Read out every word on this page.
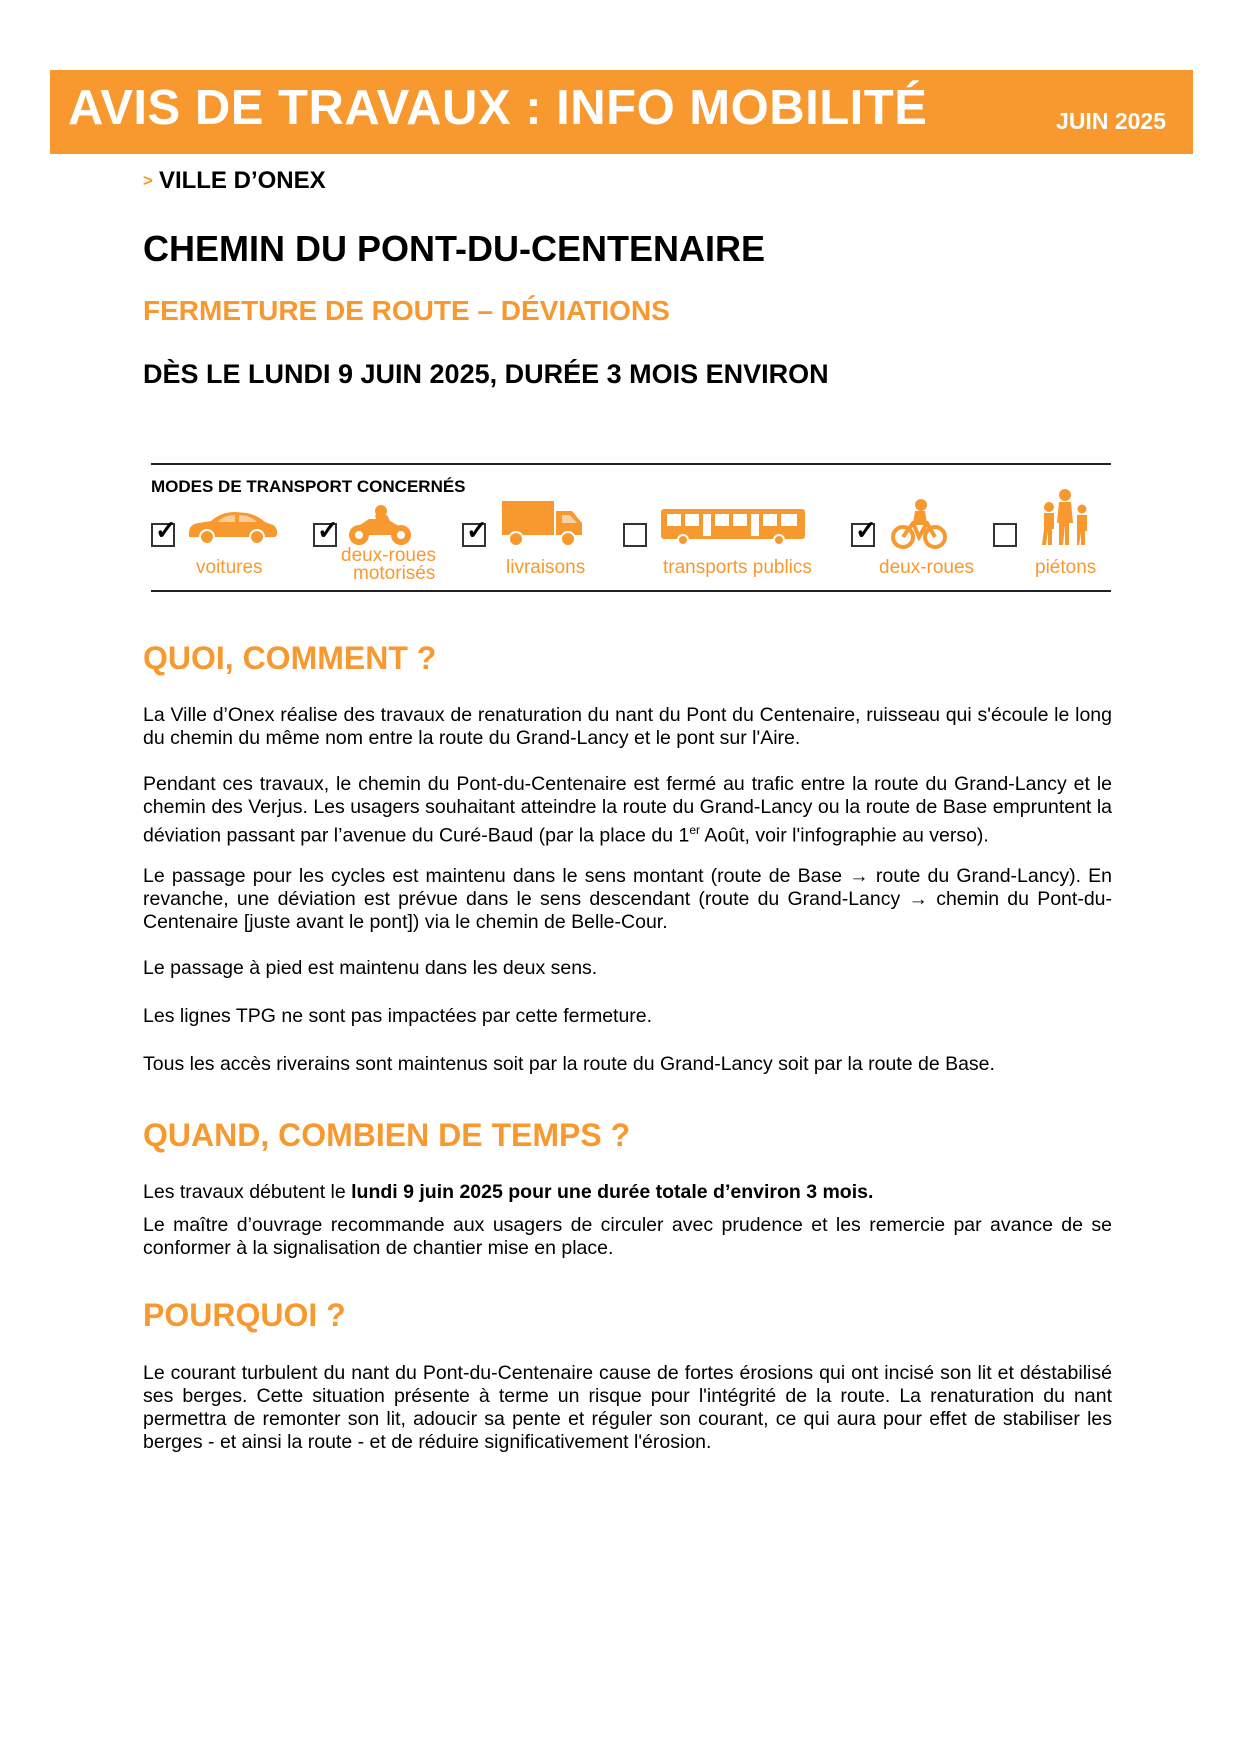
AVIS DE TRAVAUX : INFO MOBILITÉ	JUIN 2025
> VILLE D’ONEX
CHEMIN DU PONT-DU-CENTENAIRE
FERMETURE DE ROUTE – DÉVIATIONS
DÈS LE LUNDI 9 JUIN 2025, DURÉE 3 MOIS ENVIRON
MODES DE TRANSPORT CONCERNÉS
✓
voitures
✓
deux-roues
motorisés
✓
livraisons	transports publics
✓
deux-roues	piétons
QUOI, COMMENT ?
La Ville d’Onex réalise des travaux de renaturation du nant du Pont du Centenaire, ruisseau qui s'écoule le long du chemin du même nom entre la route du Grand-Lancy et le pont sur l'Aire.
Pendant ces travaux, le chemin du Pont-du-Centenaire est fermé au trafic entre la route du Grand-Lancy et le chemin des Verjus. Les usagers souhaitant atteindre la route du Grand-Lancy ou la route de Base empruntent la déviation passant par l’avenue du Curé-Baud (par la place du 1er Août, voir l'infographie au verso).
Le passage pour les cycles est maintenu dans le sens montant (route de Base → route du Grand-Lancy). En revanche, une déviation est prévue dans le sens descendant (route du Grand-Lancy → chemin du Pont-du-Centenaire [juste avant le pont]) via le chemin de Belle-Cour.
Le passage à pied est maintenu dans les deux sens.
Les lignes TPG ne sont pas impactées par cette fermeture.
Tous les accès riverains sont maintenus soit par la route du Grand-Lancy soit par la route de Base.
QUAND, COMBIEN DE TEMPS ?
Les travaux débutent le lundi 9 juin 2025 pour une durée totale d’environ 3 mois.
Le maître d’ouvrage recommande aux usagers de circuler avec prudence et les remercie par avance de se conformer à la signalisation de chantier mise en place.
POURQUOI ?
Le courant turbulent du nant du Pont-du-Centenaire cause de fortes érosions qui ont incisé son lit et déstabilisé ses berges. Cette situation présente à terme un risque pour l'intégrité de la route. La renaturation du nant permettra de remonter son lit, adoucir sa pente et réguler son courant, ce qui aura pour effet de stabiliser les berges - et ainsi la route - et de réduire significativement l'érosion.
